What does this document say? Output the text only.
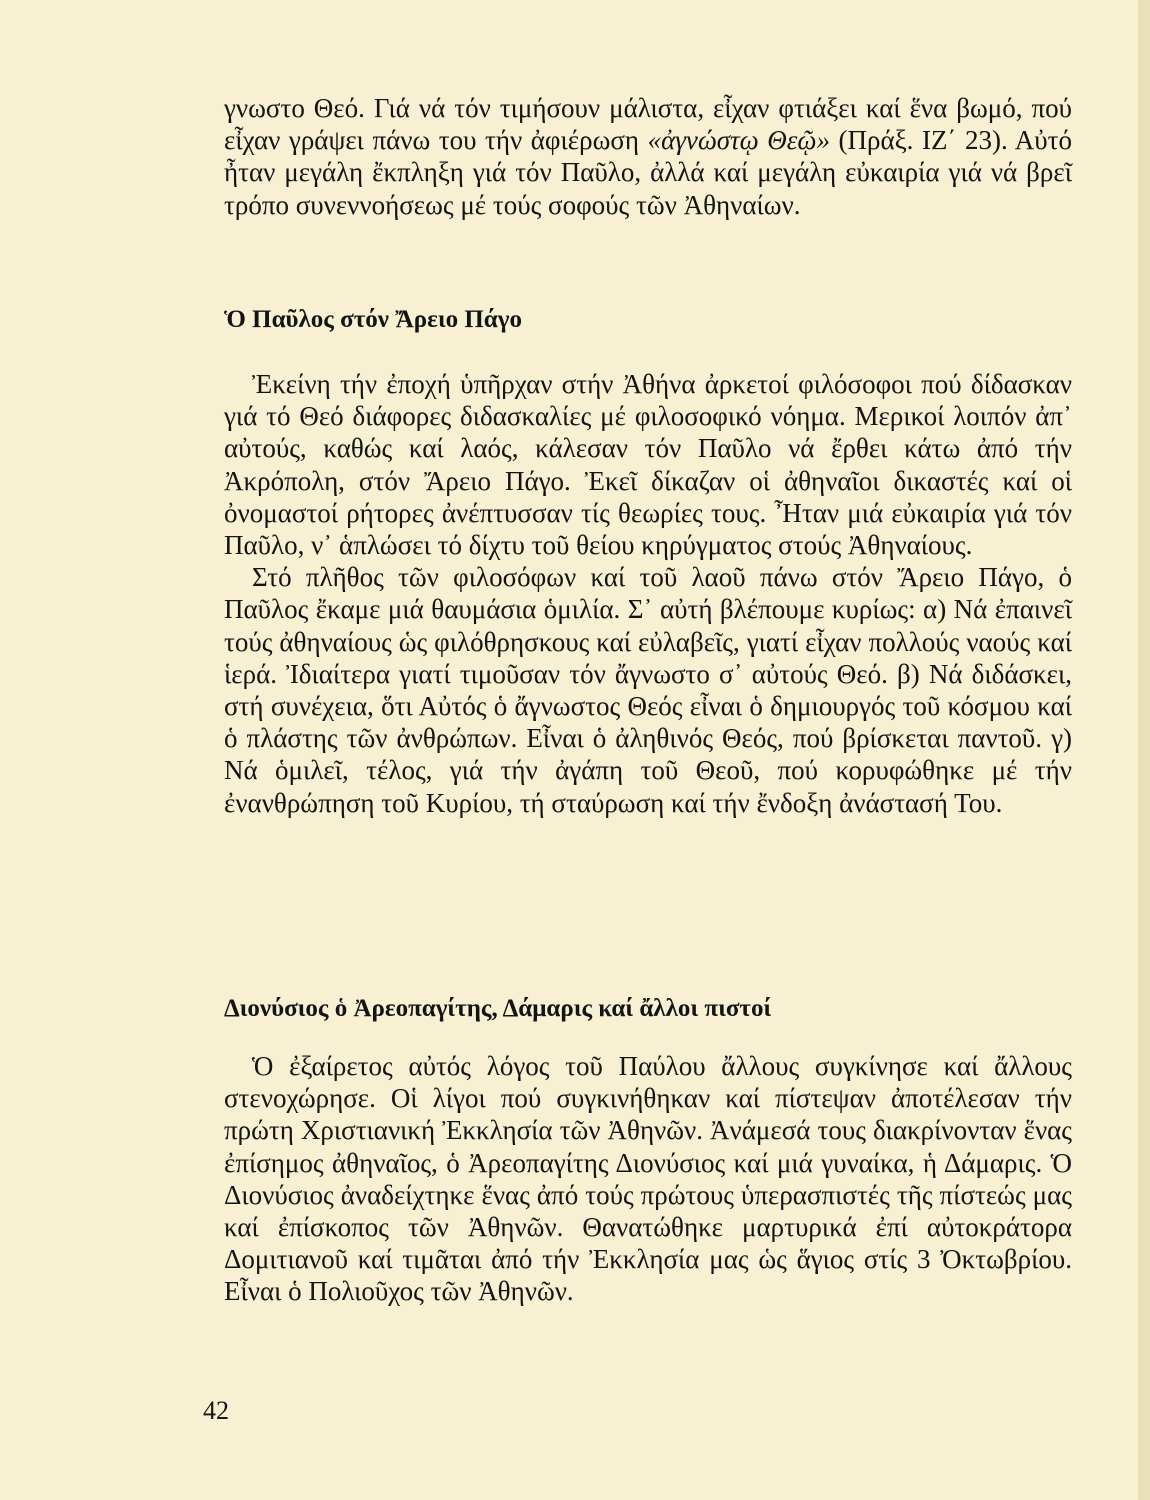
γνωστο Θεό. Γιά νά τόν τιμήσουν μάλιστα, εἶχαν φτιάξει καί ἕνα βωμό, πού εἶχαν γράψει πάνω του τήν ἀφιέρωση «ἀγνώστῳ Θεῷ» (Πράξ. ΙΖ΄ 23). Αὐτό ἦταν μεγάλη ἔκπληξη γιά τόν Παῦλο, ἀλλά καί μεγάλη εὐκαιρία γιά νά βρεῖ τρόπο συνεννοήσεως μέ τούς σοφούς τῶν Ἀθηναίων.

Ὁ Παῦλος στόν Ἄρειο Πάγο

Ἐκείνη τήν ἐποχή ὑπῆρχαν στήν Ἀθήνα ἀρκετοί φιλόσοφοι πού δίδασκαν γιά τό Θεό διάφορες διδασκαλίες μέ φιλοσοφικό νόημα. Μερικοί λοιπόν ἀπ᾽ αὐτούς, καθώς καί λαός, κάλεσαν τόν Παῦλο νά ἔρθει κάτω ἀπό τήν Ἀκρόπολη, στόν Ἄρειο Πάγο. Ἐκεῖ δίκαζαν οἱ ἀθηναῖοι δικαστές καί οἱ ὀνομαστοί ρήτορες ἀνέπτυσσαν τίς θεωρίες τους. Ἦταν μιά εὐκαιρία γιά τόν Παῦλο, ν᾽ ἁπλώσει τό δίχτυ τοῦ θείου κηρύγματος στούς Ἀθηναίους.

Στό πλῆθος τῶν φιλοσόφων καί τοῦ λαοῦ πάνω στόν Ἄρειο Πάγο, ὁ Παῦλος ἔκαμε μιά θαυμάσια ὁμιλία. Σ᾽ αὐτή βλέπουμε κυρίως: α) Νά ἐπαινεῖ τούς ἀθηναίους ὡς φιλόθρησκους καί εὐλαβεῖς, γιατί εἶχαν πολλούς ναούς καί ἱερά. Ἰδιαίτερα γιατί τιμοῦσαν τόν ἄγνωστο σ᾽ αὐτούς Θεό. β) Νά διδάσκει, στή συνέχεια, ὅτι Αὐτός ὁ ἄγνωστος Θεός εἶναι ὁ δημιουργός τοῦ κόσμου καί ὁ πλάστης τῶν ἀνθρώπων. Εἶναι ὁ ἀληθινός Θεός, πού βρίσκεται παντοῦ. γ) Νά ὁμιλεῖ, τέλος, γιά τήν ἀγάπη τοῦ Θεοῦ, πού κορυφώθηκε μέ τήν ἐνανθρώπηση τοῦ Κυρίου, τή σταύρωση καί τήν ἔνδοξη ἀνάστασή Του.

Διονύσιος ὁ Ἀρεοπαγίτης, Δάμαρις καί ἄλλοι πιστοί

Ὁ ἐξαίρετος αὐτός λόγος τοῦ Παύλου ἄλλους συγκίνησε καί ἄλλους στενοχώρησε. Οἱ λίγοι πού συγκινήθηκαν καί πίστεψαν ἀποτέλεσαν τήν πρώτη Χριστιανική Ἐκκλησία τῶν Ἀθηνῶν. Ἀνάμεσά τους διακρίνονταν ἕνας ἐπίσημος ἀθηναῖος, ὁ Ἀρεοπαγίτης Διονύσιος καί μιά γυναίκα, ἡ Δάμαρις. Ὁ Διονύσιος ἀναδείχτηκε ἕνας ἀπό τούς πρώτους ὑπερασπιστές τῆς πίστεώς μας καί ἐπίσκοπος τῶν Ἀθηνῶν. Θανατώθηκε μαρτυρικά ἐπί αὐτοκράτορα Δομιτιανοῦ καί τιμᾶται ἀπό τήν Ἐκκλησία μας ὡς ἅγιος στίς 3 Ὀκτωβρίου. Εἶναι ὁ Πολιοῦχος τῶν Ἀθηνῶν.

42
